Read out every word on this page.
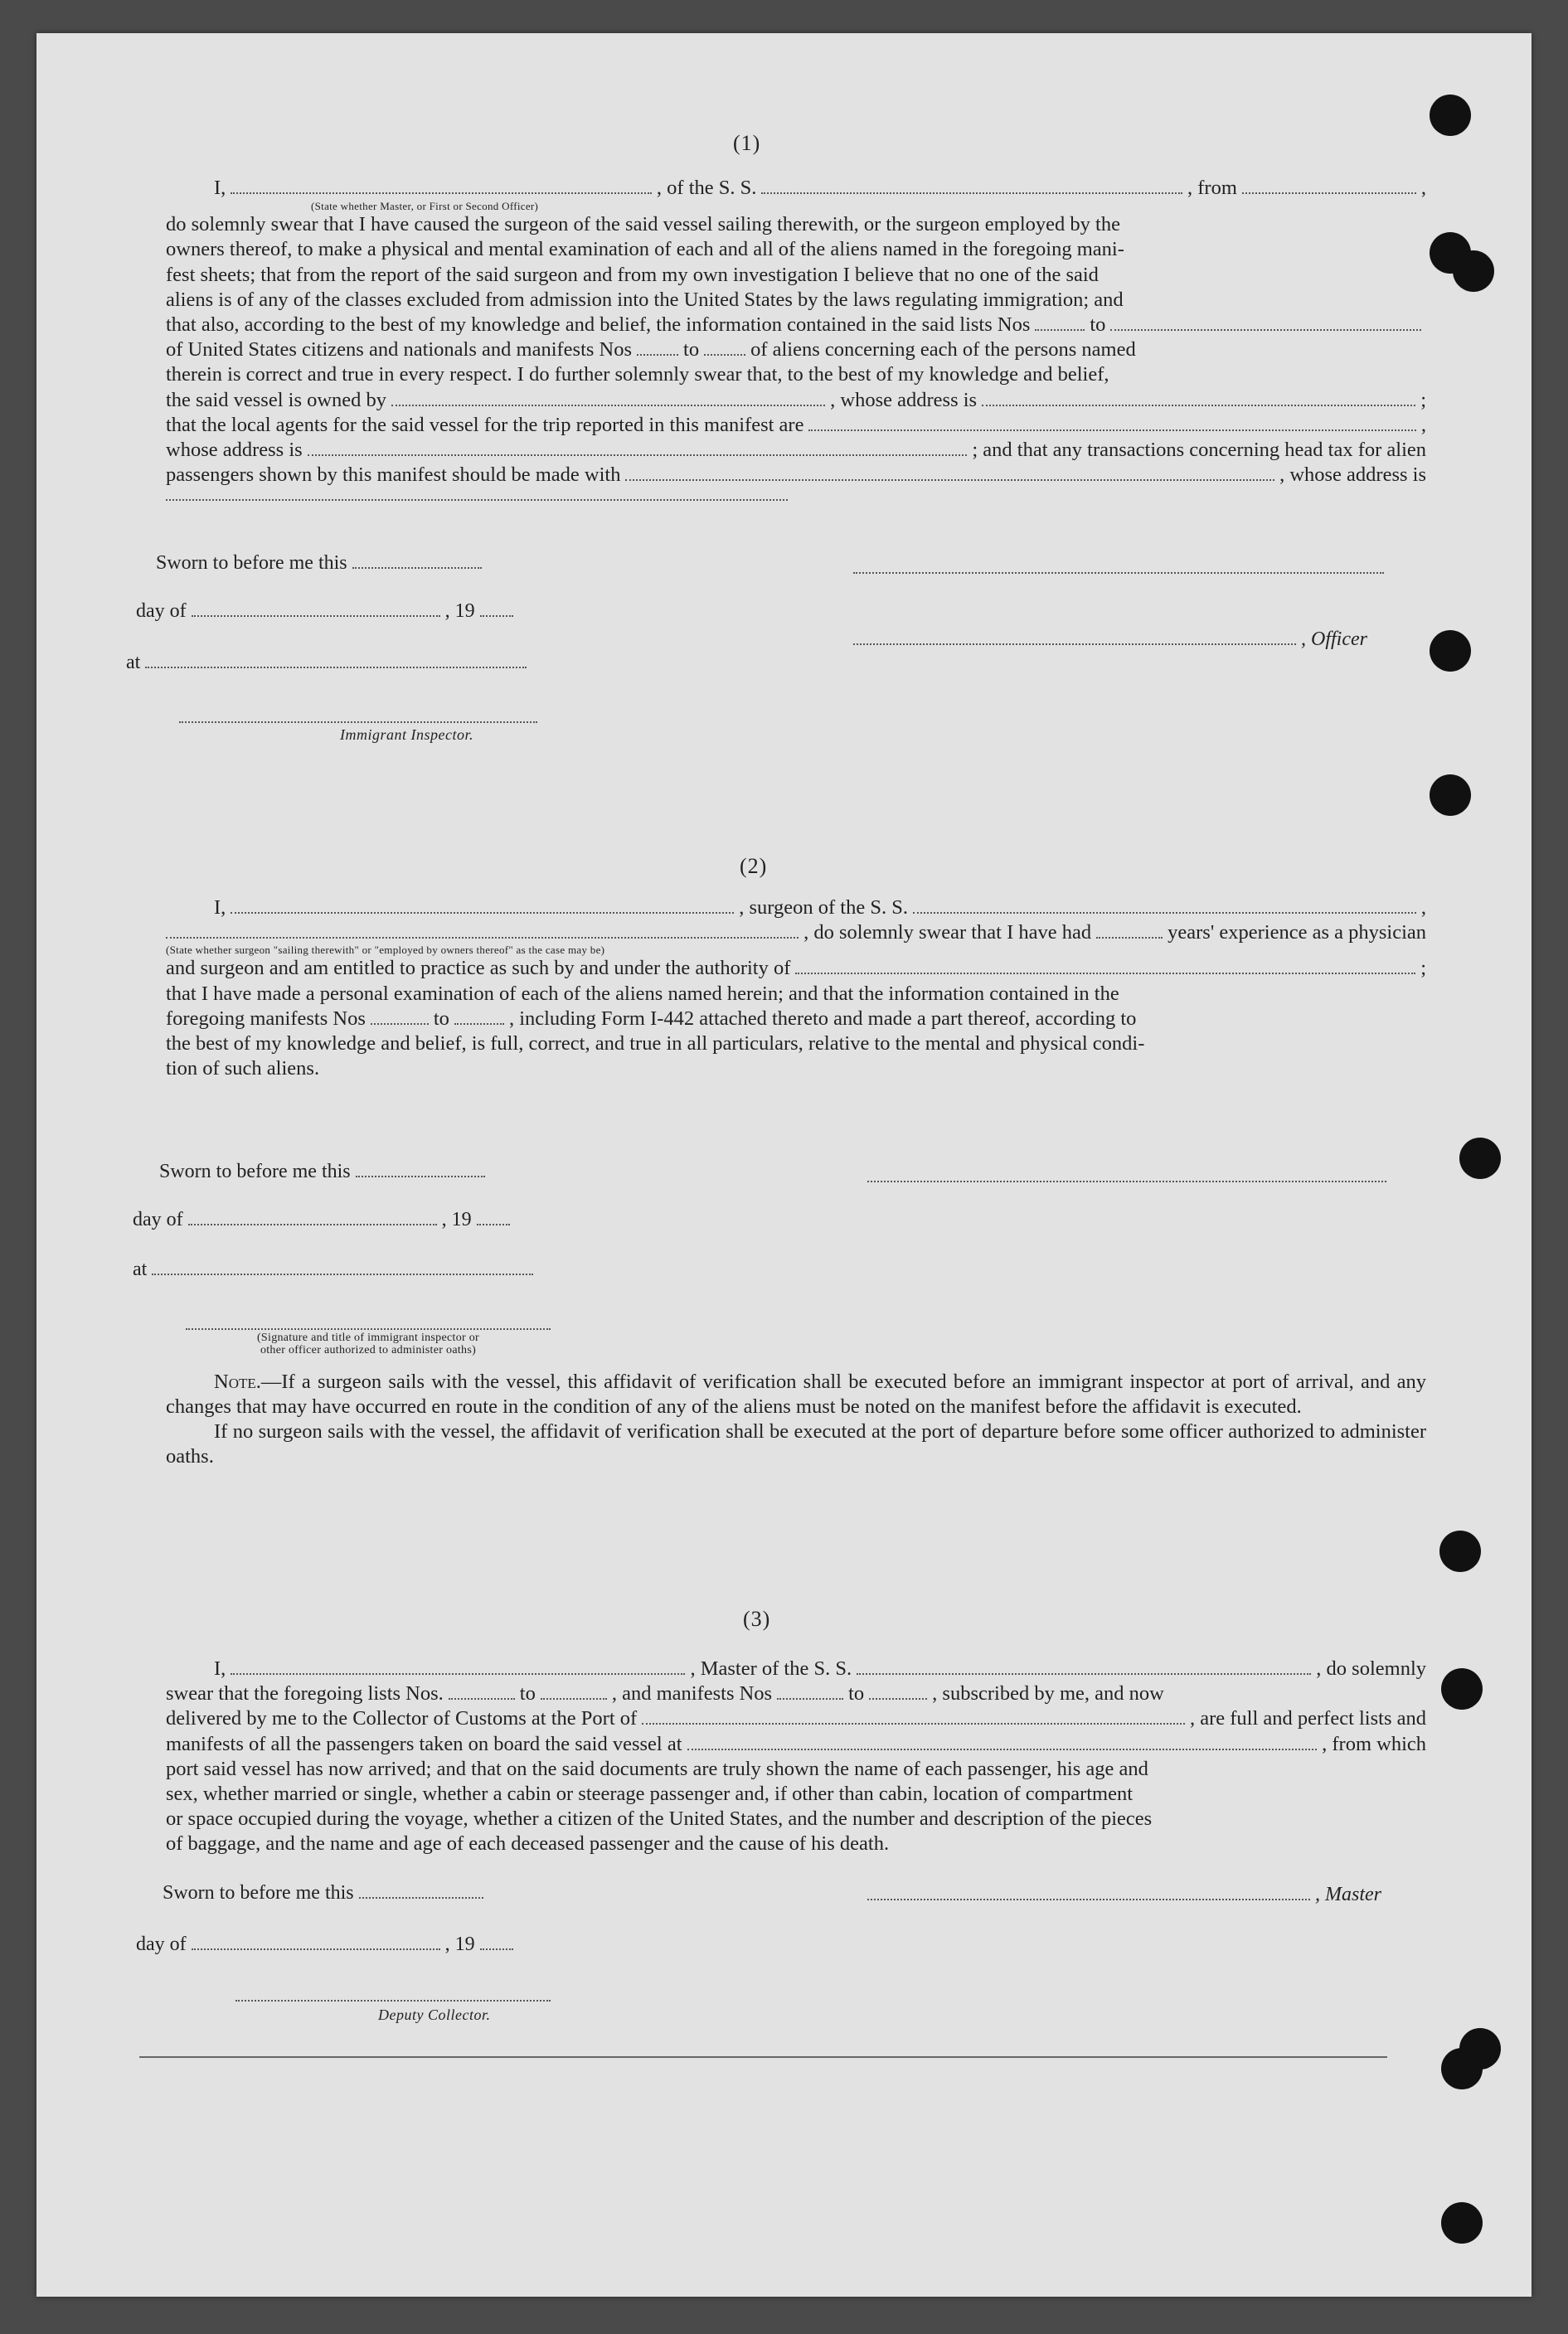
(1)
I,	, of the S. S.	, from	,
(State whether Master, or First or Second Officer)
do solemnly swear that I have caused the surgeon of the said vessel sailing therewith, or the surgeon employed by the
owners thereof, to make a physical and mental examination of each and all of the aliens named in the foregoing mani-
fest sheets; that from the report of the said surgeon and from my own investigation I believe that no one of the said
aliens is of any of the classes excluded from admission into the United States by the laws regulating immigration; and
that also, according to the best of my knowledge and belief, the information contained in the said lists Nos	to
of United States citizens and nationals and manifests Nos	to	of aliens concerning each of the persons named
therein is correct and true in every respect. I do further solemnly swear that, to the best of my knowledge and belief,
the said vessel is owned by	, whose address is	;
that the local agents for the said vessel for the trip reported in this manifest are	,
whose address is	; and that any transactions concerning head tax for alien
passengers shown by this manifest should be made with	, whose address is
Sworn to before me this
day of	, 19
, Officer
at
Immigrant Inspector.
(2)
I,	, surgeon of the S. S.	,
, do solemnly swear that I have had	years' experience as a physician
(State whether surgeon "sailing therewith" or "employed by owners thereof" as the case may be)
and surgeon and am entitled to practice as such by and under the authority of	;
that I have made a personal examination of each of the aliens named herein; and that the information contained in the
foregoing manifests Nos	to	, including Form I-442 attached thereto and made a part thereof, according to
the best of my knowledge and belief, is full, correct, and true in all particulars, relative to the mental and physical condi-
tion of such aliens.
Sworn to before me this
day of	, 19
at
(Signature and title of immigrant inspector or
other officer authorized to administer oaths)
Note.—If a surgeon sails with the vessel, this affidavit of verification shall be executed before an immigrant inspector at port of arrival, and any changes that may have occurred en route in the condition of any of the aliens must be noted on the manifest before the affidavit is executed.
If no surgeon sails with the vessel, the affidavit of verification shall be executed at the port of departure before some officer authorized to administer oaths.
(3)
I,	, Master of the S. S.	, do solemnly
swear that the foregoing lists Nos.	to	, and manifests Nos	to	, subscribed by me, and now
delivered by me to the Collector of Customs at the Port of	, are full and perfect lists and
manifests of all the passengers taken on board the said vessel at	, from which
port said vessel has now arrived; and that on the said documents are truly shown the name of each passenger, his age and
sex, whether married or single, whether a cabin or steerage passenger and, if other than cabin, location of compartment
or space occupied during the voyage, whether a citizen of the United States, and the number and description of the pieces
of baggage, and the name and age of each deceased passenger and the cause of his death.
Sworn to before me this	, Master
day of	, 19
Deputy Collector.
